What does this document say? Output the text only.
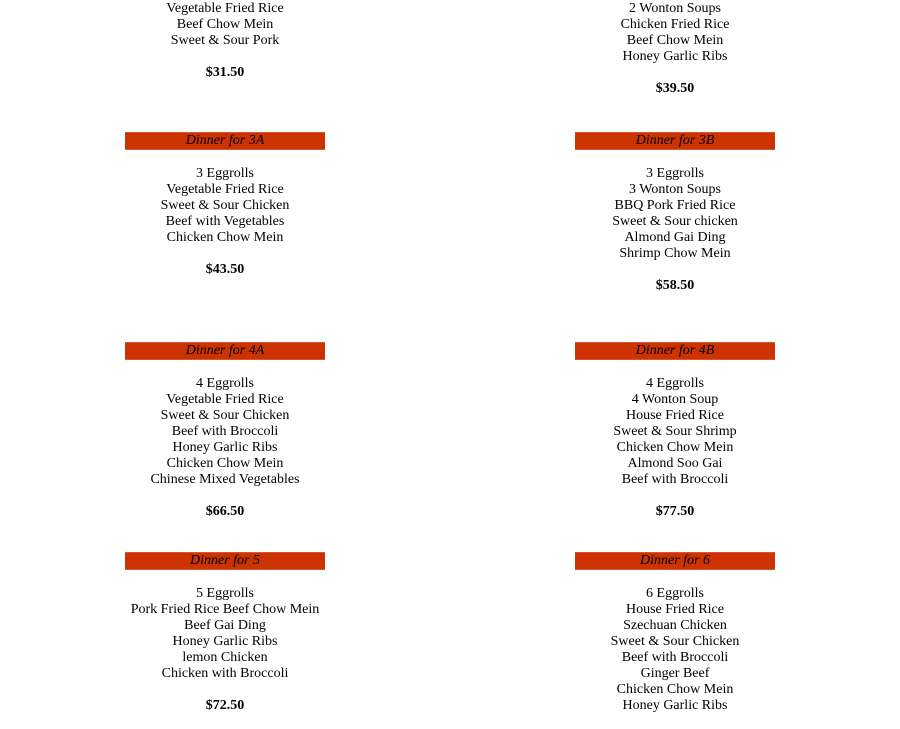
Vegetable Fried Rice
Beef Chow Mein
Sweet & Sour Pork
$31.50
2 Wonton Soups
Chicken Fried Rice
Beef Chow Mein
Honey Garlic Ribs
$39.50
Dinner for 3A
3 Eggrolls
Vegetable Fried Rice
Sweet & Sour Chicken
Beef with Vegetables
Chicken Chow Mein
$43.50
Dinner for 3B
3 Eggrolls
3 Wonton Soups
BBQ Pork Fried Rice
Sweet & Sour chicken
Almond Gai Ding
Shrimp Chow Mein
$58.50
Dinner for 4A
4 Eggrolls
Vegetable Fried Rice
Sweet & Sour Chicken
Beef with Broccoli
Honey Garlic Ribs
Chicken Chow Mein
Chinese Mixed Vegetables
$66.50
Dinner for 4B
4 Eggrolls
4 Wonton Soup
House Fried Rice
Sweet & Sour Shrimp
Chicken Chow Mein
Almond Soo Gai
Beef with Broccoli
$77.50
Dinner for 5
5 Eggrolls
Pork Fried Rice Beef Chow Mein
Beef Gai Ding
Honey Garlic Ribs
lemon Chicken
Chicken with Broccoli
$72.50
Dinner for 6
6 Eggrolls
House Fried Rice
Szechuan Chicken
Sweet & Sour Chicken
Beef with Broccoli
Ginger Beef
Chicken Chow Mein
Honey Garlic Ribs
